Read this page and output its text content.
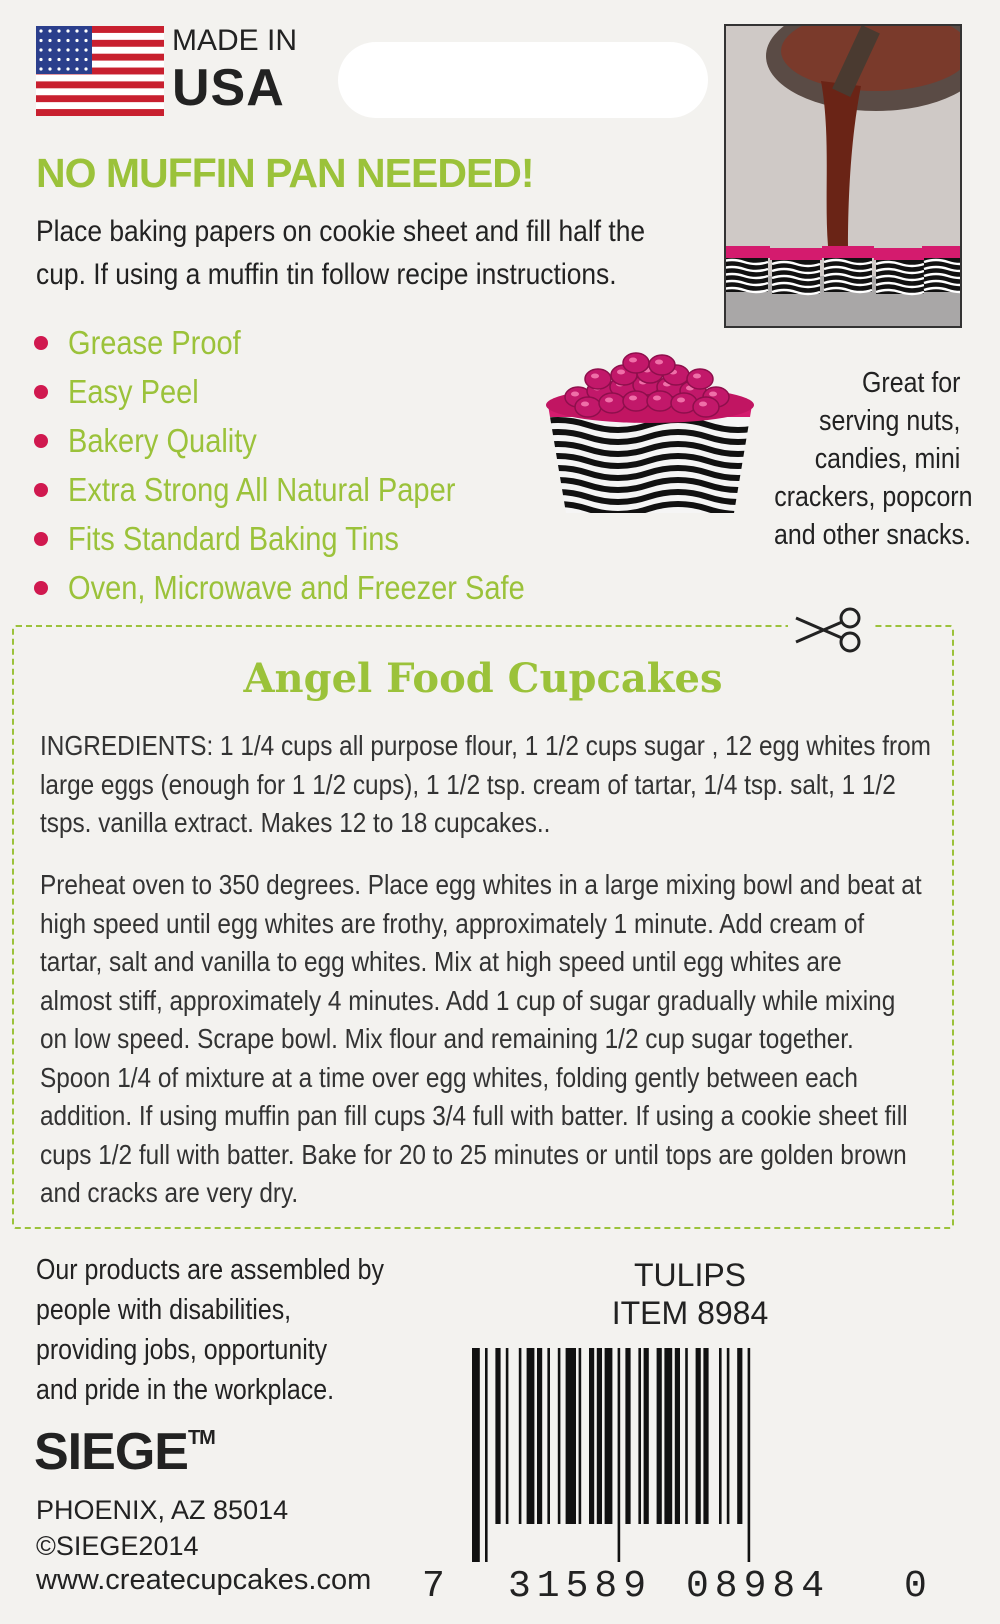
MADE IN
USA
NO MUFFIN PAN NEEDED!
Place baking papers on cookie sheet and fill half the
cup. If using a muffin tin follow recipe instructions.
Grease Proof
Easy Peel
Bakery Quality
Extra Strong All Natural Paper
Fits Standard Baking Tins
Oven, Microwave and Freezer Safe
Great for
serving nuts,
candies, mini
crackers, popcorn
and other snacks.
Angel Food Cupcakes
INGREDIENTS: 1 1/4 cups all purpose flour, 1 1/2 cups sugar , 12 egg whites from
large eggs (enough for 1 1/2 cups), 1 1/2 tsp. cream of tartar, 1/4 tsp. salt, 1 1/2
tsps. vanilla extract. Makes 12 to 18 cupcakes..
Preheat oven to 350 degrees. Place egg whites in a large mixing bowl and beat at
high speed until egg whites are frothy, approximately 1 minute. Add cream of
tartar, salt and vanilla to egg whites. Mix at high speed until egg whites are
almost stiff, approximately 4 minutes. Add 1 cup of sugar gradually while mixing
on low speed. Scrape bowl. Mix flour and remaining 1/2 cup sugar together.
Spoon 1/4 of mixture at a time over egg whites, folding gently between each
addition. If using muffin pan fill cups 3/4 full with batter. If using a cookie sheet fill
cups 1/2 full with batter. Bake for 20 to 25 minutes or until tops are golden brown
and cracks are very dry.
Our products are assembled by
people with disabilities,
providing jobs, opportunity
and pride in the workplace.
SIEGE™
PHOENIX, AZ 85014
©SIEGE2014
www.createcupcakes.com
TULIPS
ITEM 8984
7 31589 08984 0
